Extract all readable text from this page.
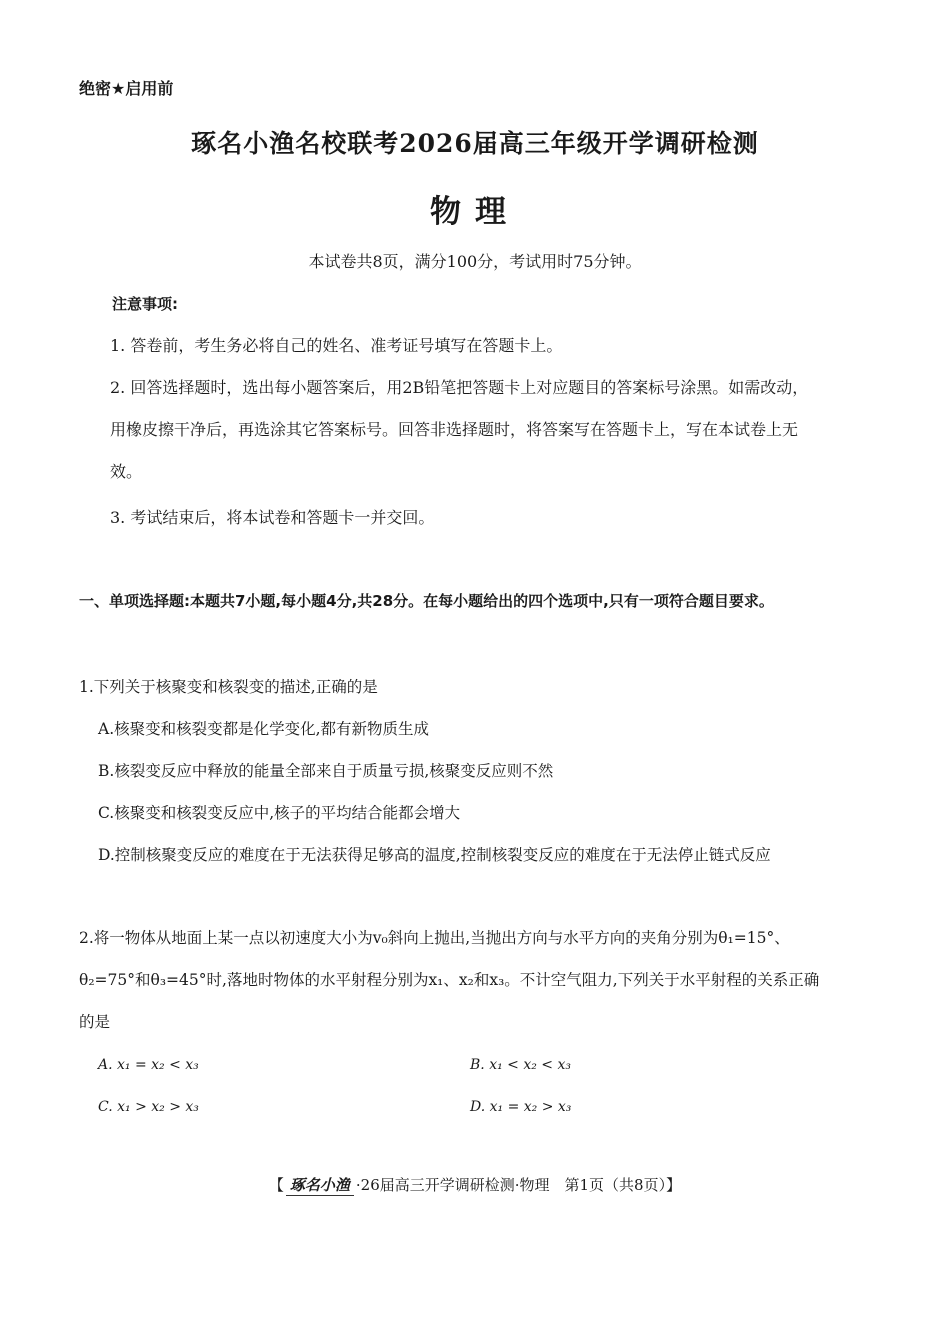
绝密★启用前
琢名小渔名校联考2026届高三年级开学调研检测
物理
本试卷共8页，满分100分，考试用时75分钟。
注意事项:
1. 答卷前，考生务必将自己的姓名、准考证号填写在答题卡上。
2. 回答选择题时，选出每小题答案后，用2B铅笔把答题卡上对应题目的答案标号涂黑。如需改动，用橡皮擦干净后，再选涂其它答案标号。回答非选择题时，将答案写在答题卡上，写在本试卷上无效。
3. 考试结束后，将本试卷和答题卡一并交回。
一、单项选择题:本题共7小题,每小题4分,共28分。在每小题给出的四个选项中,只有一项符合题目要求。
1.下列关于核聚变和核裂变的描述,正确的是
A.核聚变和核裂变都是化学变化,都有新物质生成
B.核裂变反应中释放的能量全部来自于质量亏损,核聚变反应则不然
C.核聚变和核裂变反应中,核子的平均结合能都会增大
D.控制核聚变反应的难度在于无法获得足够高的温度,控制核裂变反应的难度在于无法停止链式反应
2.将一物体从地面上某一点以初速度大小为v₀斜向上抛出,当抛出方向与水平方向的夹角分别为θ₁=15°、θ₂=75°和θ₃=45°时,落地时物体的水平射程分别为x₁、x₂和x₃。不计空气阻力,下列关于水平射程的关系正确的是
A. x₁ = x₂ < x₃	B. x₁ < x₂ < x₃
C. x₁ > x₂ > x₃	D. x₁ = x₂ > x₃
【 琢名小渔 ·26届高三开学调研检测·物理　第1页（共8页）】
